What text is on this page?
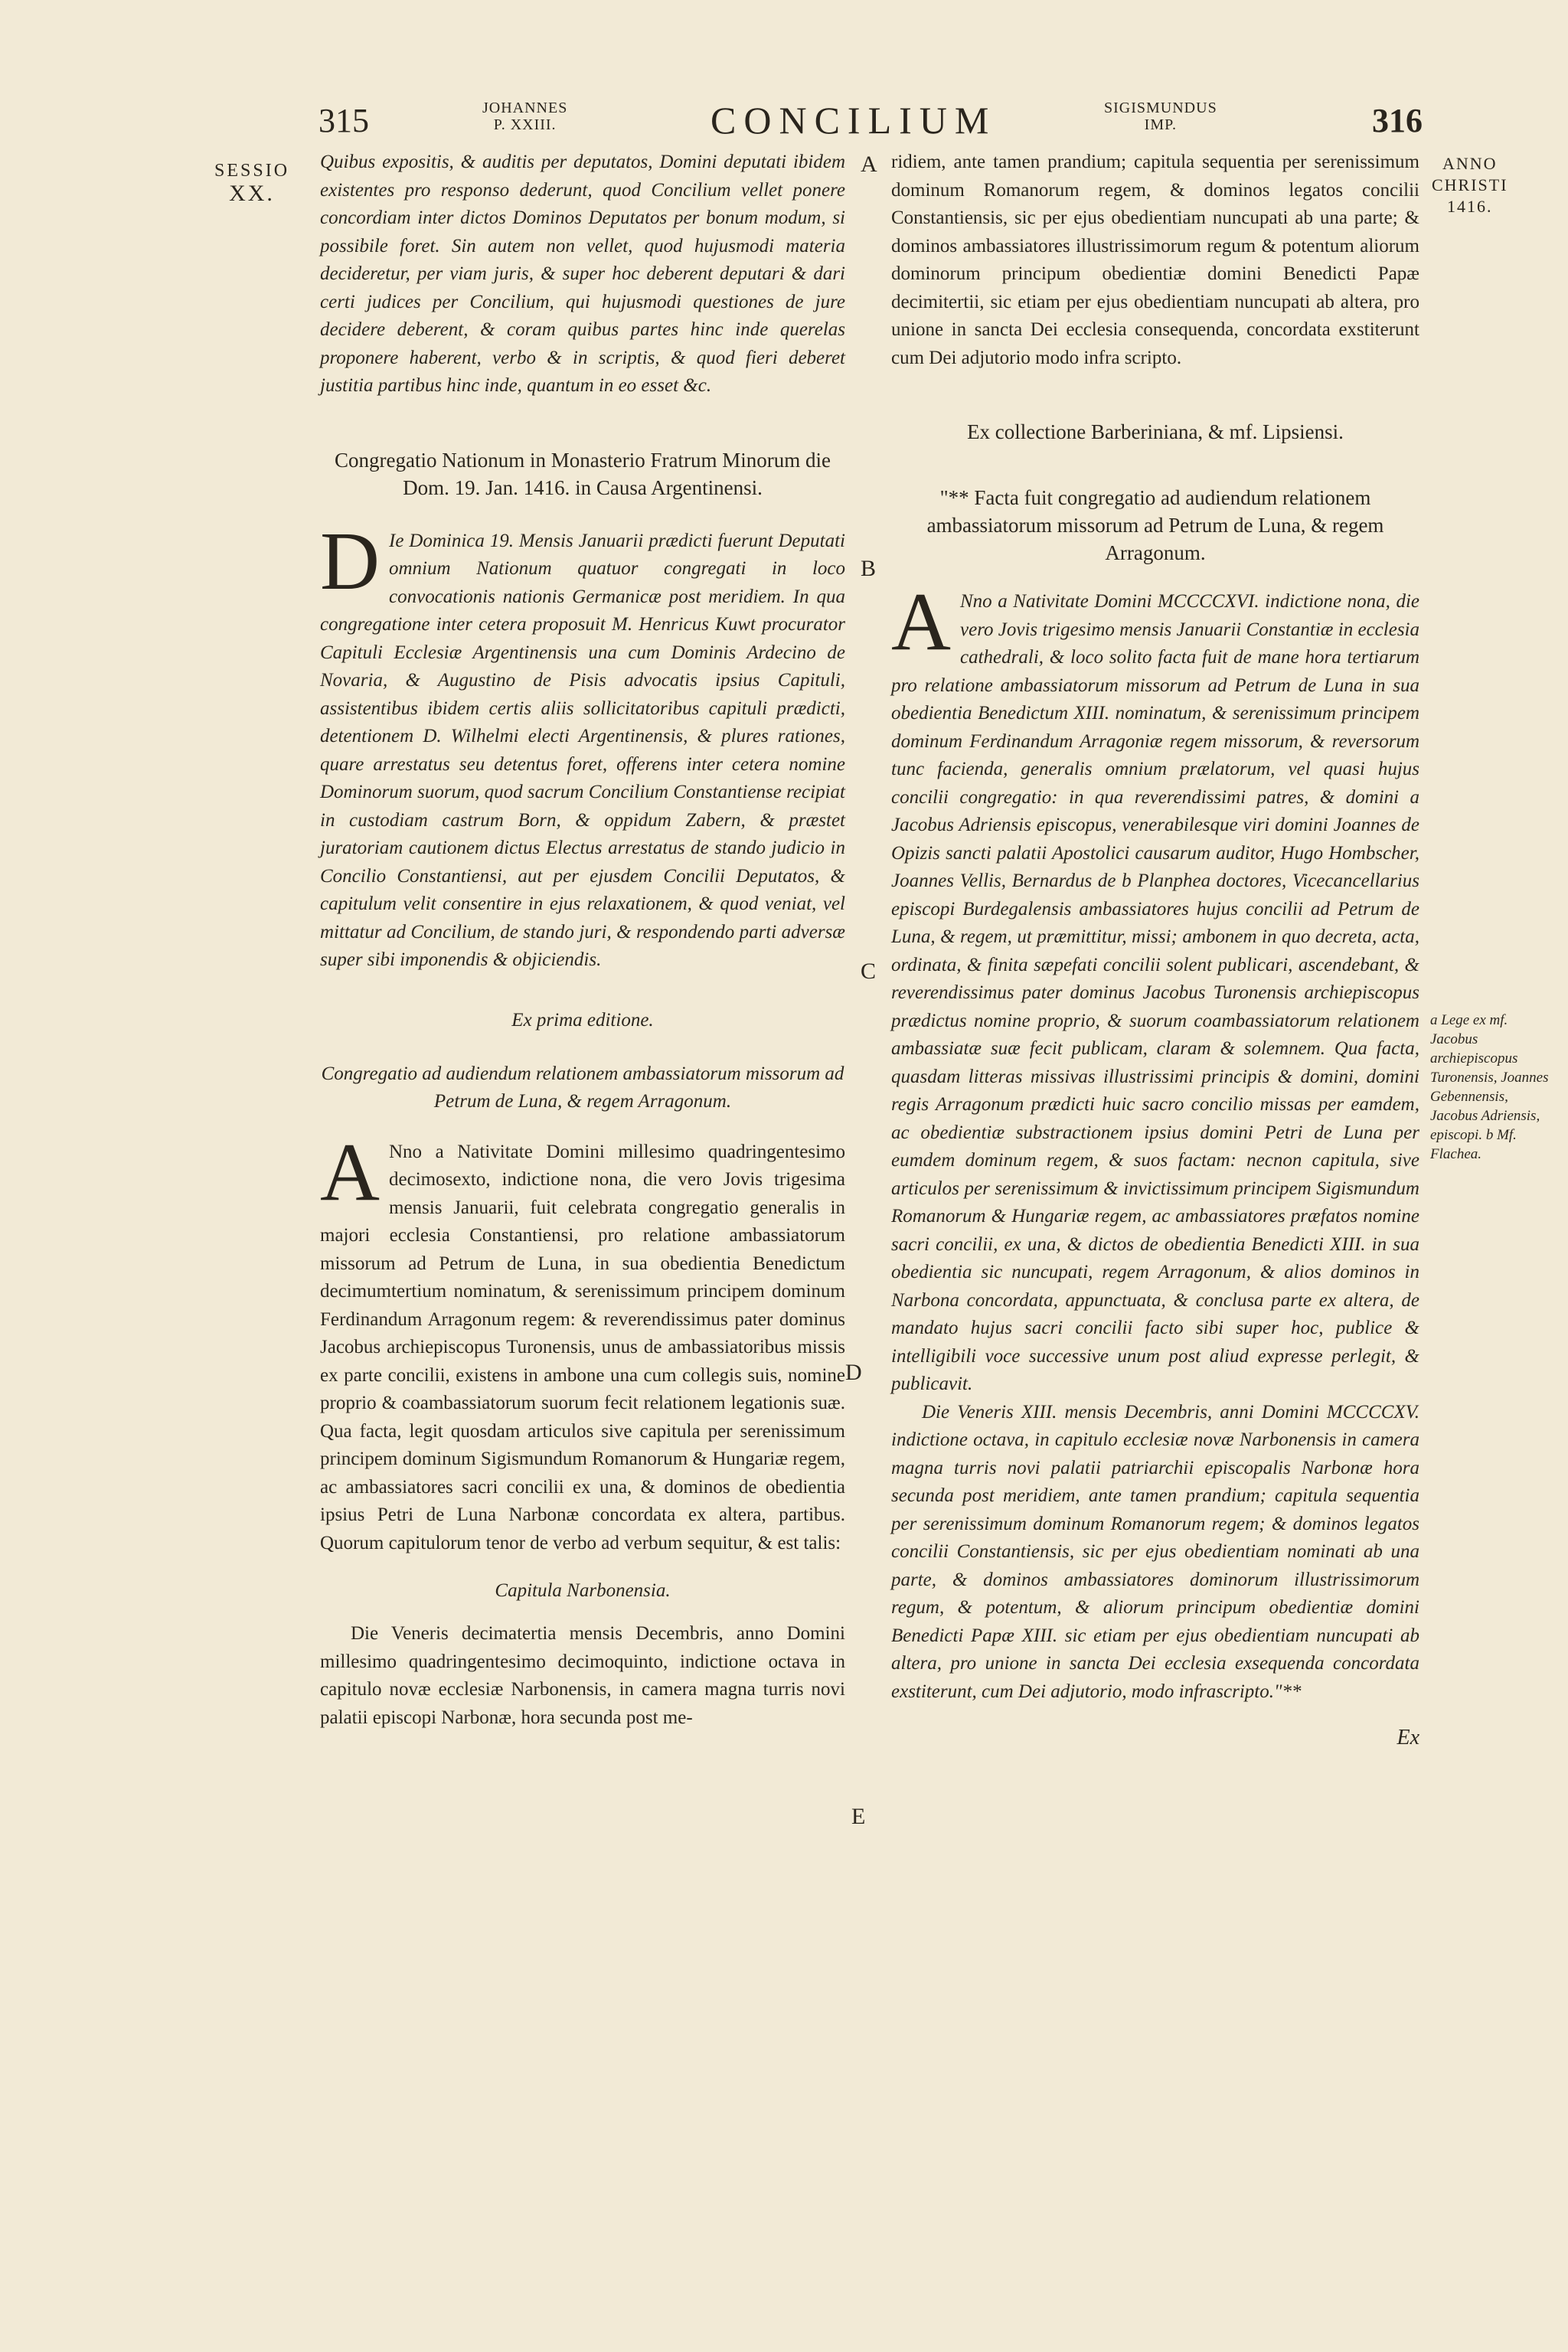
315	JOHANNES
P. XXIII.	CONCILIUM	SIGISMUNDUS
IMP.	316
SESSIO
XX.
ANNO
CHRISTI
1416.
a Lege ex mf. Jacobus archiepiscopus Turonensis, Joannes Gebennensis, Jacobus Adriensis, episcopi. b Mf. Flachea.
A
B
C
D
E

Quibus expositis, & auditis per deputatos, Domini deputati ibidem existentes pro responso dederunt, quod Concilium vellet ponere concordiam inter dictos Dominos Deputatos per bonum modum, si possibile foret. Sin autem non vellet, quod hujusmodi materia decideretur, per viam juris, & super hoc deberent deputari & dari certi judices per Concilium, qui hujusmodi questiones de jure decidere deberent, & coram quibus partes hinc inde querelas proponere haberent, verbo & in scriptis, & quod fieri deberet justitia partibus hinc inde, quantum in eo esset &c.

Congregatio Nationum in Monasterio Fratrum Minorum die Dom. 19. Jan. 1416. in Causa Argentinensi.

D Ie Dominica 19. Mensis Januarii prædicti fuerunt Deputati omnium Nationum quatuor congregati in loco convocationis nationis Germanicæ post meridiem. In qua congregatione inter cetera proposuit M. Henricus Kuwt procurator Capituli Ecclesiæ Argentinensis una cum Dominis Ardecino de Novaria, & Augustino de Pisis advocatis ipsius Capituli, assistentibus ibidem certis aliis sollicitatoribus capituli prædicti, detentionem D. Wilhelmi electi Argentinensis, & plures rationes, quare arrestatus seu detentus foret, offerens inter cetera nomine Dominorum suorum, quod sacrum Concilium Constantiense recipiat in custodiam castrum Born, & oppidum Zabern, & præstet juratoriam cautionem dictus Electus arrestatus de stando judicio in Concilio Constantiensi, aut per ejusdem Concilii Deputatos, & capitulum velit consentire in ejus relaxationem, & quod veniat, vel mittatur ad Concilium, de stando juri, & respondendo parti adversæ super sibi imponendis & objiciendis.

Ex prima editione.

Congregatio ad audiendum relationem ambassiatorum missorum ad Petrum de Luna, & regem Arragonum.

A Nno a Nativitate Domini millesimo quadringentesimo decimosexto, indictione nona, die vero Jovis trigesima mensis Januarii, fuit celebrata congregatio generalis in majori ecclesia Constantiensi, pro relatione ambassiatorum missorum ad Petrum de Luna, in sua obedientia Benedictum decimumtertium nominatum, & serenissimum principem dominum Ferdinandum Arragonum regem: & reverendissimus pater dominus Jacobus archiepiscopus Turonensis, unus de ambassiatoribus missis ex parte concilii, existens in ambone una cum collegis suis, nomine proprio & coambassiatorum suorum fecit relationem legationis suæ. Qua facta, legit quosdam articulos sive capitula per serenissimum principem dominum Sigismundum Romanorum & Hungariæ regem, ac ambassiatores sacri concilii ex una, & dominos de obedientia ipsius Petri de Luna Narbonæ concordata ex altera, partibus. Quorum capitulorum tenor de verbo ad verbum sequitur, & est talis:

Capitula Narbonensia.

Die Veneris decimatertia mensis Decembris, anno Domini millesimo quadringentesimo decimoquinto, indictione octava in capitulo novæ ecclesiæ Narbonensis, in camera magna turris novi palatii episcopi Narbonæ, hora secunda post me-

ridiem, ante tamen prandium; capitula sequentia per serenissimum dominum Romanorum regem, & dominos legatos concilii Constantiensis, sic per ejus obedientiam nuncupati ab una parte; & dominos ambassiatores illustrissimorum regum & potentum aliorum dominorum principum obedientiæ domini Benedicti Papæ decimitertii, sic etiam per ejus obedientiam nuncupati ab altera, pro unione in sancta Dei ecclesia consequenda, concordata exstiterunt cum Dei adjutorio modo infra scripto.

Ex collectione Barberiniana, & mf. Lipsiensi.

"** Facta fuit congregatio ad audiendum relationem ambassiatorum missorum ad Petrum de Luna, & regem Arragonum.

A Nno a Nativitate Domini MCCCCXVI. indictione nona, die vero Jovis trigesimo mensis Januarii Constantiæ in ecclesia cathedrali, & loco solito facta fuit de mane hora tertiarum pro relatione ambassiatorum missorum ad Petrum de Luna in sua obedientia Benedictum XIII. nominatum, & serenissimum principem dominum Ferdinandum Arragoniæ regem missorum, & reversorum tunc facienda, generalis omnium prælatorum, vel quasi hujus concilii congregatio: in qua reverendissimi patres, & domini a Jacobus Adriensis episcopus, venerabilesque viri domini Joannes de Opizis sancti palatii Apostolici causarum auditor, Hugo Hombscher, Joannes Vellis, Bernardus de b Planphea doctores, Vicecancellarius episcopi Burdegalensis ambassiatores hujus concilii ad Petrum de Luna, & regem, ut præmittitur, missi; ambonem in quo decreta, acta, ordinata, & finita sæpefati concilii solent publicari, ascendebant, & reverendissimus pater dominus Jacobus Turonensis archiepiscopus prædictus nomine proprio, & suorum coambassiatorum relationem ambassiatæ suæ fecit publicam, claram & solemnem. Qua facta, quasdam litteras missivas illustrissimi principis & domini, domini regis Arragonum prædicti huic sacro concilio missas per eamdem, ac obedientiæ substractionem ipsius domini Petri de Luna per eumdem dominum regem, & suos factam: necnon capitula, sive articulos per serenissimum & invictissimum principem Sigismundum Romanorum & Hungariæ regem, ac ambassiatores præfatos nomine sacri concilii, ex una, & dictos de obedientia Benedicti XIII. in sua obedientia sic nuncupati, regem Arragonum, & alios dominos in Narbona concordata, appunctuata, & conclusa parte ex altera, de mandato hujus sacri concilii facto sibi super hoc, publice & intelligibili voce successive unum post aliud expresse perlegit, & publicavit.

Die Veneris XIII. mensis Decembris, anni Domini MCCCCXV. indictione octava, in capitulo ecclesiæ novæ Narbonensis in camera magna turris novi palatii patriarchii episcopalis Narbonæ hora secunda post meridiem, ante tamen prandium; capitula sequentia per serenissimum dominum Romanorum regem; & dominos legatos concilii Constantiensis, sic per ejus obedientiam nominati ab una parte, & dominos ambassiatores dominorum illustrissimorum regum, & potentum, & aliorum principum obedientiæ domini Benedicti Papæ XIII. sic etiam per ejus obedientiam nuncupati ab altera, pro unione in sancta Dei ecclesia exsequenda concordata exstiterunt, cum Dei adjutorio, modo infrascripto."**

Ex
